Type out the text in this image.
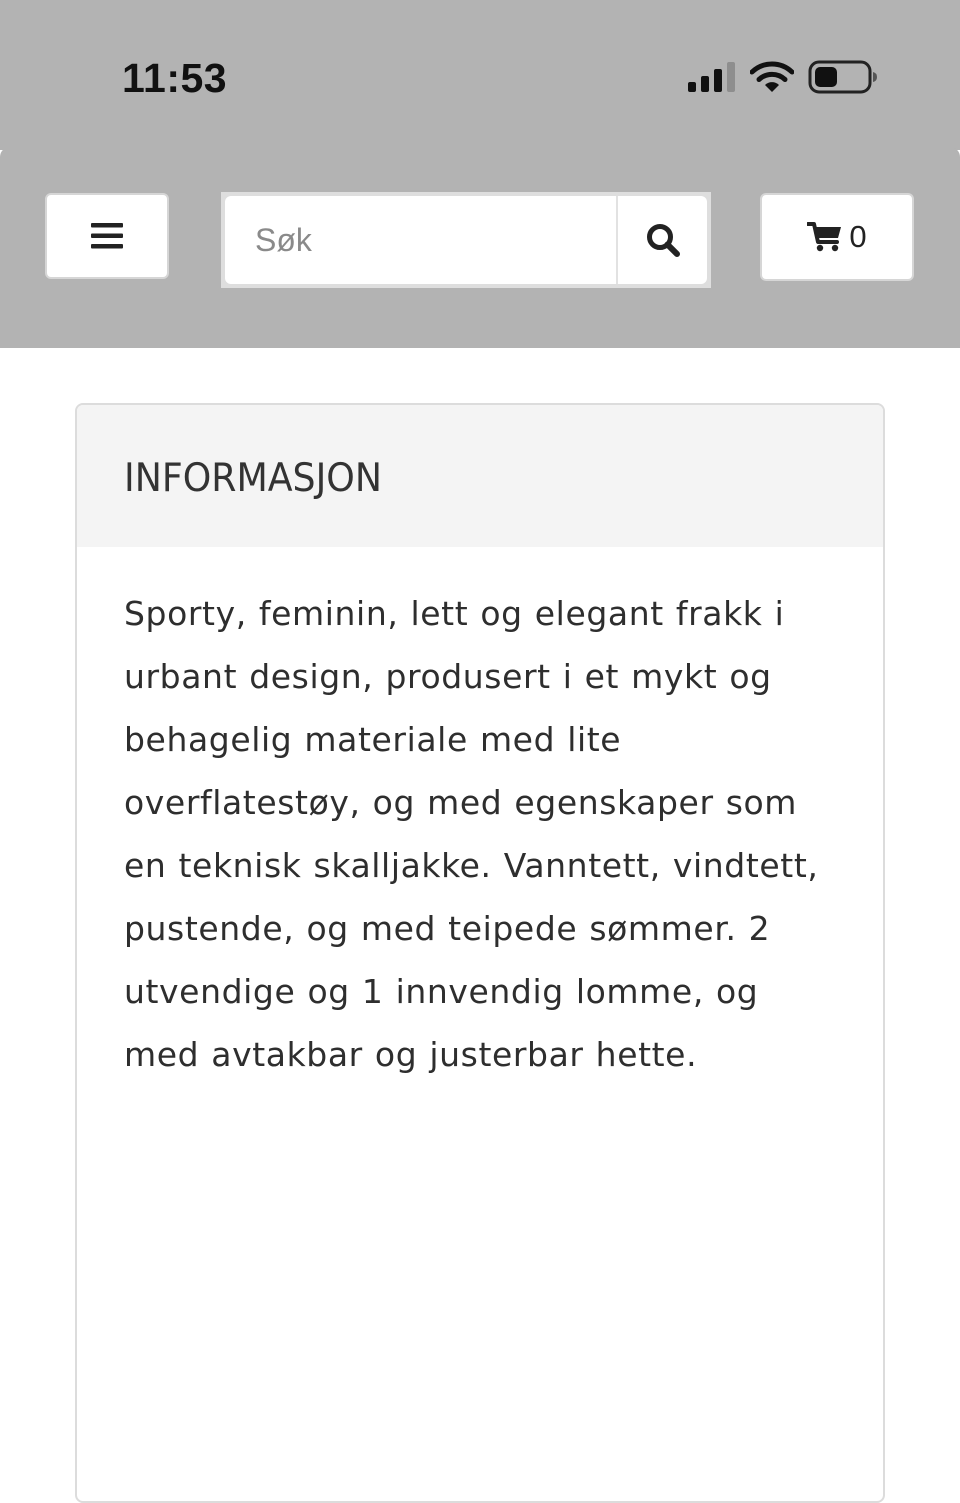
11:53
Søk
0
INFORMASJON

Sporty, feminin, lett og elegant frakk i urbant design, produsert i et mykt og behagelig materiale med lite overflatestøy, og med egenskaper som en teknisk skalljakke. Vanntett, vindtett, pustende, og med teipede sømmer. 2 utvendige og 1 innvendig lomme, og med avtakbar og justerbar hette.
